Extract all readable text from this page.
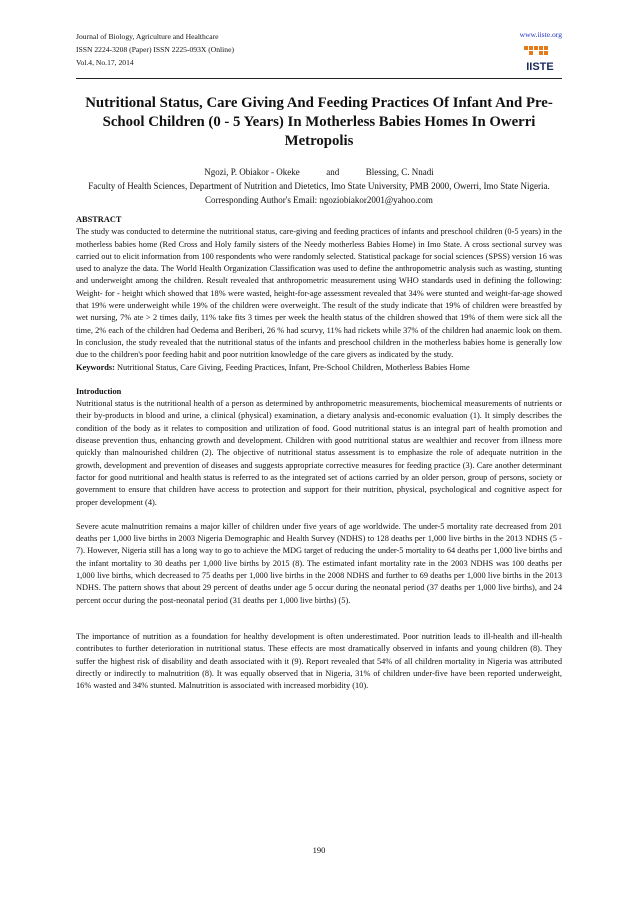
Journal of Biology, Agriculture and Healthcare
ISSN 2224-3208 (Paper) ISSN 2225-093X (Online)
Vol.4, No.17, 2014
www.iiste.org
IISTE
Nutritional Status, Care Giving And Feeding Practices Of Infant And Pre-School Children (0 - 5 Years) In Motherless Babies Homes In Owerri Metropolis
Ngozi, P. Obiakor - Okeke	and	Blessing, C. Nnadi
Faculty of Health Sciences, Department of Nutrition and Dietetics, Imo State University, PMB 2000, Owerri, Imo State Nigeria.
Corresponding Author's Email: ngoziobiakor2001@yahoo.com

ABSTRACT

The study was conducted to determine the nutritional status, care-giving and feeding practices of infants and preschool children (0-5 years) in the motherless babies home (Red Cross and Holy family sisters of the Needy motherless Babies Home) in Imo State. A cross sectional survey was carried out to elicit information from 100 respondents who were randomly selected. Statistical package for social sciences (SPSS) version 16 was used to analyze the data. The World Health Organization Classification was used to define the anthropometric analysis such as wasting, stunting and underweight among the children. Result revealed that anthropometric measurement using WHO standards used in defining the following: Weight- for - height which showed that 18% were wasted, height-for-age assessment revealed that 34% were stunted and weight-far-age showed that 19% were underweight while 19% of the children were overweight. The result of the study indicate that 19% of children were breastfed by wet nursing, 7% ate > 2 times daily, 11% take fits 3 times per week the health status of the children showed that 19% of them were sick all the time, 2% each of the children had Oedema and Beriberi, 26 % had scurvy, 11% had rickets while 37% of the children had anaemic look on them. In conclusion, the study revealed that the nutritional status of the infants and preschool children in the motherless babies home is generally low due to the children's poor feeding habit and poor nutrition knowledge of the care givers as indicated by the study.

Keywords: Nutritional Status, Care Giving, Feeding Practices, Infant, Pre-School Children, Motherless Babies Home

Introduction

Nutritional status is the nutritional health of a person as determined by anthropometric measurements, biochemical measurements of nutrients or their by-products in blood and urine, a clinical (physical) examination, a dietary analysis and-economic evaluation (1). It simply describes the condition of the body as it relates to composition and utilization of food. Good nutritional status is an integral part of health promotion and disease prevention thus, enhancing growth and development. Children with good nutritional status are wealthier and recover from illness more quickly than malnourished children (2). The objective of nutritional status assessment is to emphasize the role of adequate nutrition in the growth, development and prevention of diseases and suggests appropriate corrective measures for feeding practice (3). Care another determinant factor for good nutritional and health status is referred to as the integrated set of actions carried by an older person, group of persons, society or government to ensure that children have access to protection and support for their nutrition, physical, psychological and cognitive aspect for proper development (4).

Severe acute malnutrition remains a major killer of children under five years of age worldwide. The under-5 mortality rate decreased from 201 deaths per 1,000 live births in 2003 Nigeria Demographic and Health Survey (NDHS) to 128 deaths per 1,000 live births in the 2013 NDHS (5 - 7). However, Nigeria still has a long way to go to achieve the MDG target of reducing the under-5 mortality to 64 deaths per 1,000 live births and the infant mortality to 30 deaths per 1,000 live births by 2015 (8). The estimated infant mortality rate in the 2003 NDHS was 100 deaths per 1,000 live births, which decreased to 75 deaths per 1,000 live births in the 2008 NDHS and further to 69 deaths per 1,000 live births in the 2013 NDHS. The pattern shows that about 29 percent of deaths under age 5 occur during the neonatal period (37 deaths per 1,000 live births), and 24 percent occur during the post-neonatal period (31 deaths per 1,000 live births) (5).

The importance of nutrition as a foundation for healthy development is often underestimated. Poor nutrition leads to ill-health and ill-health contributes to further deterioration in nutritional status. These effects are most dramatically observed in infants and young children (8). They suffer the highest risk of disability and death associated with it (9). Report revealed that 54% of all children mortality in Nigeria was attributed directly or indirectly to malnutrition (8). It was equally observed that in Nigeria, 31% of children under-five have been reported underweight, 16% wasted and 34% stunted. Malnutrition is associated with increased morbidity (10).

190
